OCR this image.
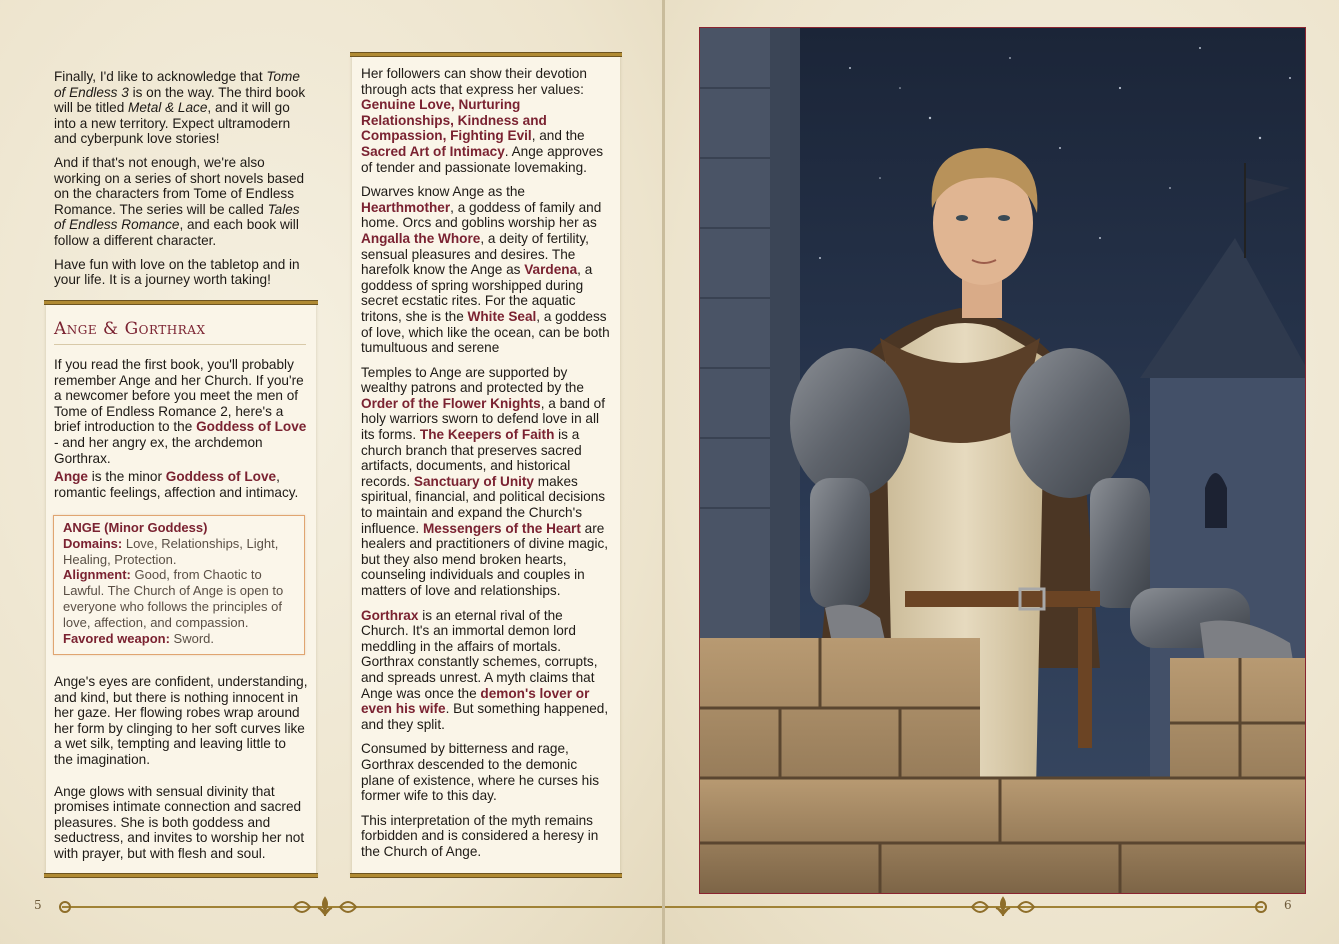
Finally, I'd like to acknowledge that Tome of Endless 3 is on the way. The third book will be titled Metal & Lace, and it will go into a new territory. Expect ultramodern and cyberpunk love stories!

And if that's not enough, we're also working on a series of short novels based on the characters from Tome of Endless Romance. The series will be called Tales of Endless Romance, and each book will follow a different character.

Have fun with love on the tabletop and in your life. It is a journey worth taking!

Ange & Gorthrax

If you read the first book, you'll probably remember Ange and her Church. If you're a newcomer before you meet the men of Tome of Endless Romance 2, here's a brief introduction to the Goddess of Love - and her angry ex, the archdemon Gorthrax.

Ange is the minor Goddess of Love, romantic feelings, affection and intimacy.
ANGE (Minor Goddess)
Domains: Love, Relationships, Light, Healing, Protection.
Alignment: Good, from Chaotic to Lawful. The Church of Ange is open to everyone who follows the principles of love, affection, and compassion.
Favored weapon: Sword.

Ange's eyes are confident, understanding, and kind, but there is nothing innocent in her gaze. Her flowing robes wrap around her form by clinging to her soft curves like a wet silk, tempting and leaving little to the imagination.

Ange glows with sensual divinity that promises intimate connection and sacred pleasures. She is both goddess and seductress, and invites to worship her not with prayer, but with flesh and soul.

Her followers can show their devotion through acts that express her values: Genuine Love, Nurturing Relationships, Kindness and Compassion, Fighting Evil, and the Sacred Art of Intimacy. Ange approves of tender and passionate lovemaking.

Dwarves know Ange as the Hearthmother, a goddess of family and home. Orcs and goblins worship her as Angalla the Whore, a deity of fertility, sensual pleasures and desires. The harefolk know the Ange as Vardena, a goddess of spring worshipped during secret ecstatic rites. For the aquatic tritons, she is the White Seal, a goddess of love, which like the ocean, can be both tumultuous and serene

Temples to Ange are supported by wealthy patrons and protected by the Order of the Flower Knights, a band of holy warriors sworn to defend love in all its forms. The Keepers of Faith is a church branch that preserves sacred artifacts, documents, and historical records. Sanctuary of Unity makes spiritual, financial, and political decisions to maintain and expand the Church's influence. Messengers of the Heart are healers and practitioners of divine magic, but they also mend broken hearts, counseling individuals and couples in matters of love and relationships.

Gorthrax is an eternal rival of the Church. It's an immortal demon lord meddling in the affairs of mortals. Gorthrax constantly schemes, corrupts, and spreads unrest. A myth claims that Ange was once the demon's lover or even his wife. But something happened, and they split.

Consumed by bitterness and rage, Gorthrax descended to the demonic plane of existence, where he curses his former wife to this day.

This interpretation of the myth remains forbidden and is considered a heresy in the Church of Ange.

5	6
